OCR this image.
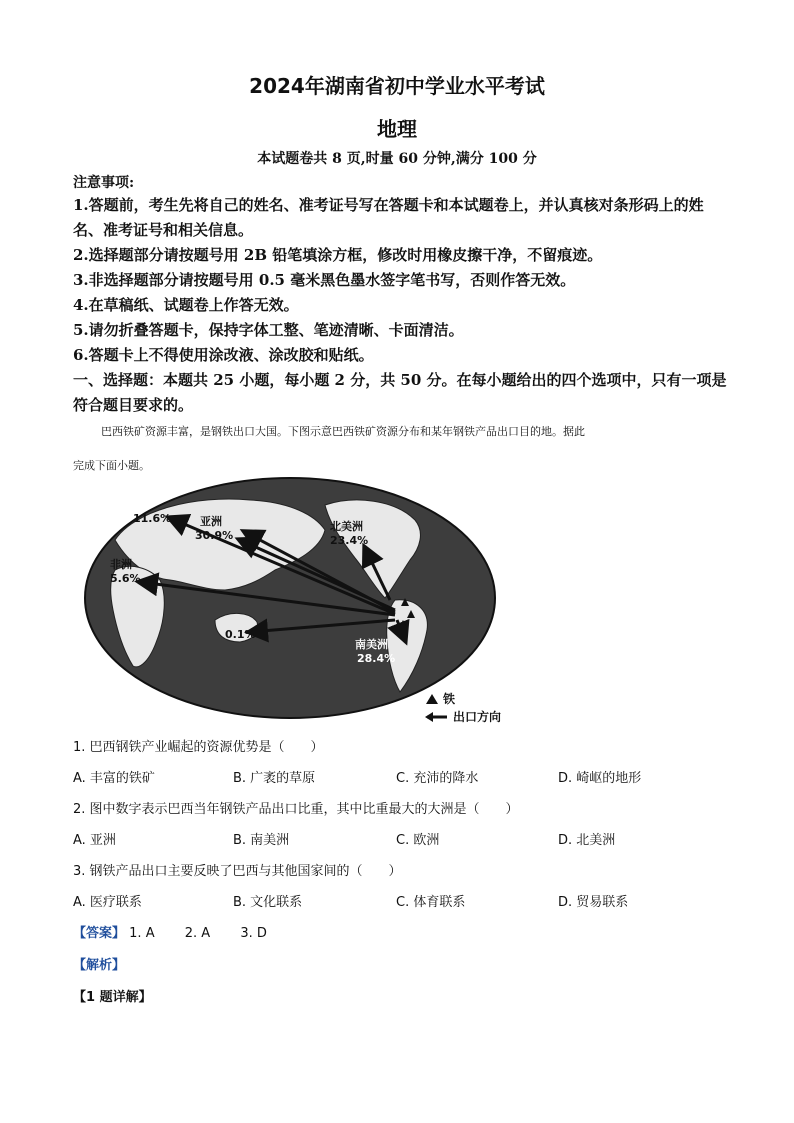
2024年湖南省初中学业水平考试
地理
本试题卷共 8 页,时量 60 分钟,满分 100 分
注意事项:

1.答题前，考生先将自己的姓名、准考证号写在答题卡和本试题卷上，并认真核对条形码上的姓名、准考证号和相关信息。

2.选择题部分请按题号用 2B 铅笔填涂方框，修改时用橡皮擦干净，不留痕迹。

3.非选择题部分请按题号用 0.5 毫米黑色墨水签字笔书写，否则作答无效。

4.在草稿纸、试题卷上作答无效。

5.请勿折叠答题卡，保持字体工整、笔迹清晰、卡面清洁。

6.答题卡上不得使用涂改液、涂改胶和贴纸。

一、选择题：本题共 25 小题，每小题 2 分，共 50 分。在每小题给出的四个选项中，只有一项是符合题目要求的。

巴西铁矿资源丰富，是钢铁出口大国。下图示意巴西铁矿资源分布和某年钢铁产品出口目的地。据此
完成下面小题。
11.6%	亚洲
30.9%
非洲
5.6%
北美洲
23.4%
0.1%
南美洲
28.4%
铁
出口方向
1. 巴西钢铁产业崛起的资源优势是（　　）
A. 丰富的铁矿	B. 广袤的草原	C. 充沛的降水	D. 崎岖的地形
2. 图中数字表示巴西当年钢铁产品出口比重，其中比重最大的大洲是（　　）
A. 亚洲	B. 南美洲	C. 欧洲	D. 北美洲
3. 钢铁产品出口主要反映了巴西与其他国家间的（　　）
A. 医疗联系	B. 文化联系	C. 体育联系	D. 贸易联系
【答案】 1. A 2. A 3. D
【解析】
【1 题详解】
